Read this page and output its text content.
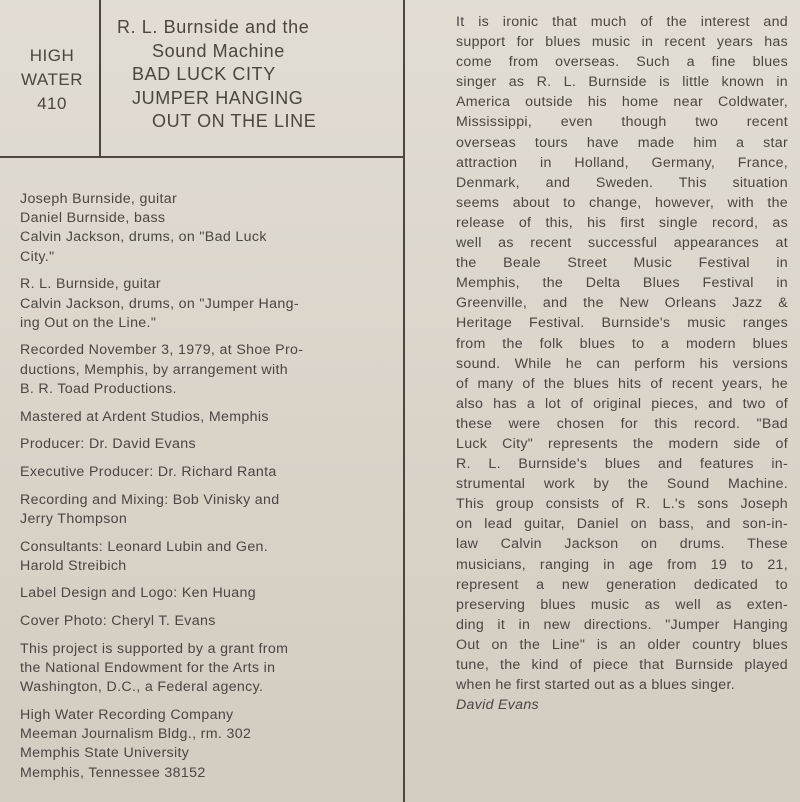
HIGH
WATER
410
R. L. Burnside and the
Sound Machine
BAD LUCK CITY
JUMPER HANGING
OUT ON THE LINE
Joseph Burnside, guitar
Daniel Burnside, bass
Calvin Jackson, drums, on "Bad Luck
City."
R. L. Burnside, guitar
Calvin Jackson, drums, on "Jumper Hang-
ing Out on the Line."
Recorded November 3, 1979, at Shoe Pro-
ductions, Memphis, by arrangement with
B. R. Toad Productions.
Mastered at Ardent Studios, Memphis
Producer: Dr. David Evans
Executive Producer: Dr. Richard Ranta
Recording and Mixing: Bob Vinisky and
Jerry Thompson
Consultants: Leonard Lubin and Gen.
Harold Streibich
Label Design and Logo: Ken Huang
Cover Photo: Cheryl T. Evans
This project is supported by a grant from
the National Endowment for the Arts in
Washington, D.C., a Federal agency.
High Water Recording Company
Meeman Journalism Bldg., rm. 302
Memphis State University
Memphis, Tennessee 38152
It is ironic that much of the interest and
support for blues music in recent years has
come from overseas. Such a fine blues
singer as R. L. Burnside is little known in
America outside his home near Coldwater,
Mississippi, even though two recent
overseas tours have made him a star
attraction in Holland, Germany, France,
Denmark, and Sweden. This situation
seems about to change, however, with the
release of this, his first single record, as
well as recent successful appearances at
the Beale Street Music Festival in
Memphis, the Delta Blues Festival in
Greenville, and the New Orleans Jazz &
Heritage Festival. Burnside's music ranges
from the folk blues to a modern blues
sound. While he can perform his versions
of many of the blues hits of recent years, he
also has a lot of original pieces, and two of
these were chosen for this record. "Bad
Luck City" represents the modern side of
R. L. Burnside's blues and features in-
strumental work by the Sound Machine.
This group consists of R. L.'s sons Joseph
on lead guitar, Daniel on bass, and son-in-
law Calvin Jackson on drums. These
musicians, ranging in age from 19 to 21,
represent a new generation dedicated to
preserving blues music as well as exten-
ding it in new directions. "Jumper Hanging
Out on the Line" is an older country blues
tune, the kind of piece that Burnside played
when he first started out as a blues singer.
David Evans
